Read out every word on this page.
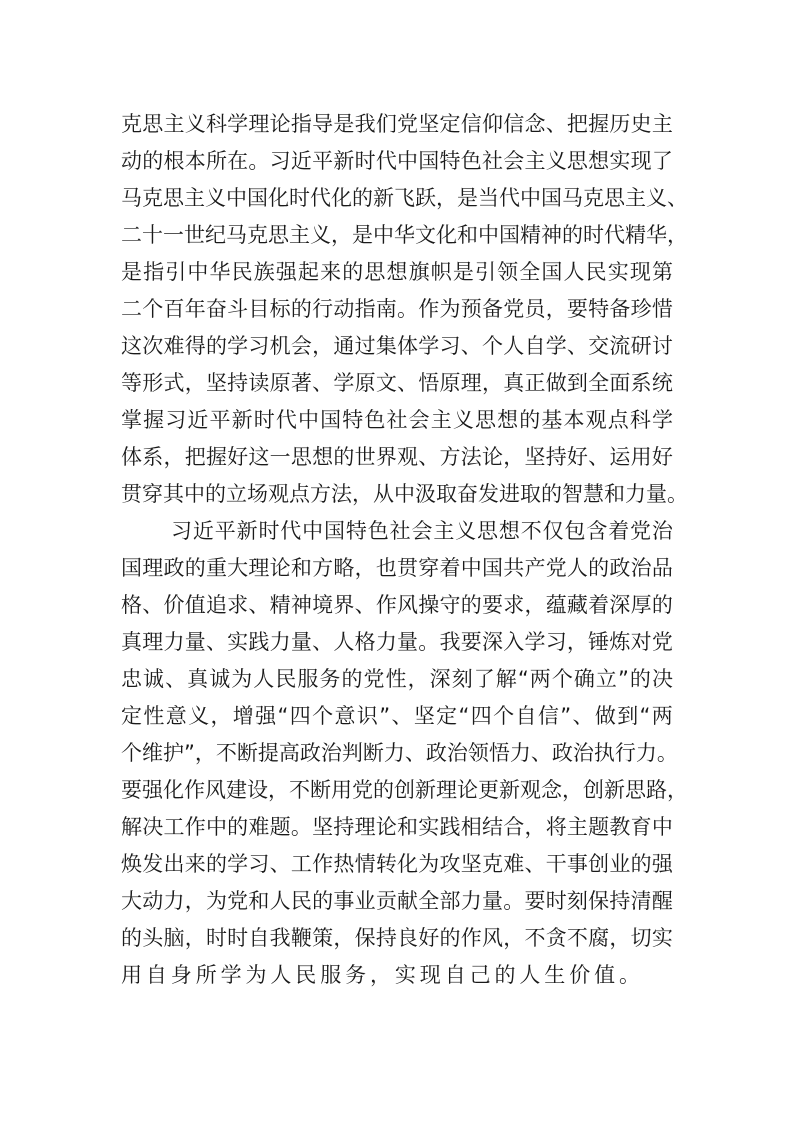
克 思 主 义 科 学 理 论 指 导 是 我 们 党 坚 定 信 仰 信 念 、 把 握 历 史 主
动 的 根 本 所 在 。 习 近 平 新 时 代 中 国 特 色 社 会 主 义 思 想 实 现 了
马 克 思 主 义 中 国 化 时 代 化 的 新 飞 跃 ， 是 当 代 中 国 马 克 思 主 义 、
二 十 一 世 纪 马 克 思 主 义 ， 是 中 华 文 化 和 中 国 精 神 的 时 代 精 华 ，
是 指 引 中 华 民 族 强 起 来 的 思 想 旗 帜 是 引 领 全 国 人 民 实 现 第
二 个 百 年 奋 斗 目 标 的 行 动 指 南 。 作 为 预 备 党 员 ， 要 特 备 珍 惜
这 次 难 得 的 学 习 机 会 ， 通 过 集 体 学 习 、 个 人 自 学 、 交 流 研 讨
等 形 式 ， 坚 持 读 原 著 、 学 原 文 、 悟 原 理 ， 真 正 做 到 全 面 系 统
掌 握 习 近 平 新 时 代 中 国 特 色 社 会 主 义 思 想 的 基 本 观 点 科 学
体 系 ， 把 握 好 这 一 思 想 的 世 界 观 、 方 法 论 ， 坚 持 好 、 运 用 好
贯 穿 其 中 的 立 场 观 点 方 法 ， 从 中 汲 取 奋 发 进 取 的 智 慧 和 力 量 。
习 近 平 新 时 代 中 国 特 色 社 会 主 义 思 想 不 仅 包 含 着 党 治
国 理 政 的 重 大 理 论 和 方 略 ， 也 贯 穿 着 中 国 共 产 党 人 的 政 治 品
格 、 价 值 追 求 、 精 神 境 界 、 作 风 操 守 的 要 求 ， 蕴 藏 着 深 厚 的
真 理 力 量 、 实 践 力 量 、 人 格 力 量 。 我 要 深 入 学 习 ， 锤 炼 对 党
忠 诚 、 真 诚 为 人 民 服 务 的 党 性 ， 深 刻 了 解 “ 两 个 确 立 ” 的 决
定 性 意 义 ， 增 强 “ 四 个 意 识 ” 、 坚 定 “ 四 个 自 信 ” 、 做 到 “ 两
个 维 护 ” ， 不 断 提 高 政 治 判 断 力 、 政 治 领 悟 力 、 政 治 执 行 力 。
要 强 化 作 风 建 设 ， 不 断 用 党 的 创 新 理 论 更 新 观 念 ， 创 新 思 路 ，
解 决 工 作 中 的 难 题 。 坚 持 理 论 和 实 践 相 结 合 ， 将 主 题 教 育 中
焕 发 出 来 的 学 习 、 工 作 热 情 转 化 为 攻 坚 克 难 、 干 事 创 业 的 强
大 动 力 ， 为 党 和 人 民 的 事 业 贡 献 全 部 力 量 。 要 时 刻 保 持 清 醒
的 头 脑 ， 时 时 自 我 鞭 策 ， 保 持 良 好 的 作 风 ， 不 贪 不 腐 ， 切 实
用自身所学为人民服务，实现自己的人生价值。
